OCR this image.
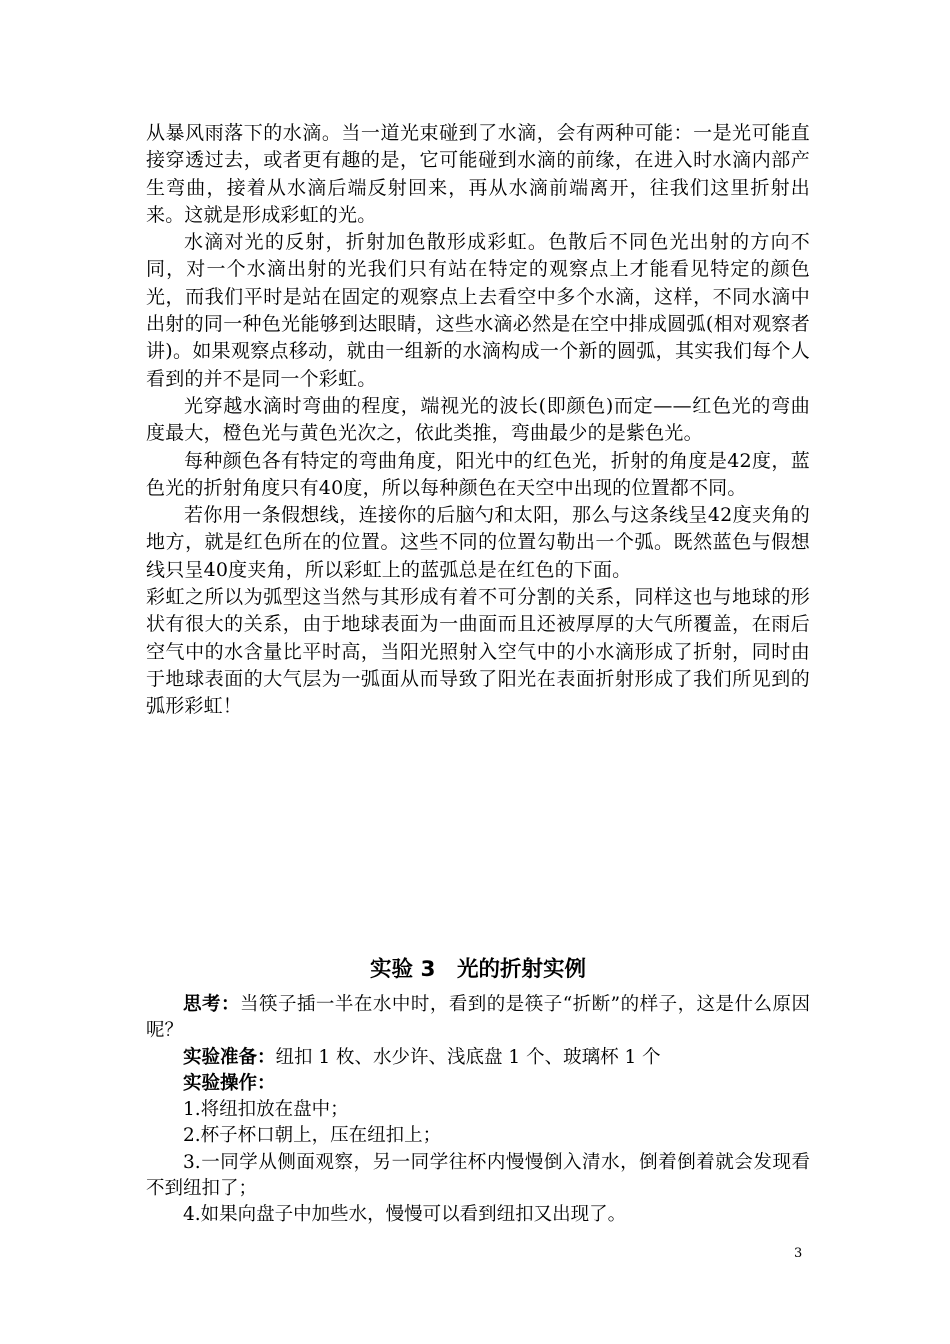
从暴风雨落下的水滴。当一道光束碰到了水滴，会有两种可能：一是光可能直接穿透过去，或者更有趣的是，它可能碰到水滴的前缘，在进入时水滴内部产生弯曲，接着从水滴后端反射回来，再从水滴前端离开，往我们这里折射出来。这就是形成彩虹的光。

水滴对光的反射，折射加色散形成彩虹。色散后不同色光出射的方向不同，对一个水滴出射的光我们只有站在特定的观察点上才能看见特定的颜色光，而我们平时是站在固定的观察点上去看空中多个水滴，这样，不同水滴中出射的同一种色光能够到达眼睛，这些水滴必然是在空中排成圆弧(相对观察者讲)。如果观察点移动，就由一组新的水滴构成一个新的圆弧，其实我们每个人看到的并不是同一个彩虹。

光穿越水滴时弯曲的程度，端视光的波长(即颜色)而定——红色光的弯曲度最大，橙色光与黄色光次之，依此类推，弯曲最少的是紫色光。

每种颜色各有特定的弯曲角度，阳光中的红色光，折射的角度是42度，蓝色光的折射角度只有40度，所以每种颜色在天空中出现的位置都不同。

若你用一条假想线，连接你的后脑勺和太阳，那么与这条线呈42度夹角的地方，就是红色所在的位置。这些不同的位置勾勒出一个弧。既然蓝色与假想线只呈40度夹角，所以彩虹上的蓝弧总是在红色的下面。

彩虹之所以为弧型这当然与其形成有着不可分割的关系，同样这也与地球的形状有很大的关系，由于地球表面为一曲面而且还被厚厚的大气所覆盖，在雨后空气中的水含量比平时高，当阳光照射入空气中的小水滴形成了折射，同时由于地球表面的大气层为一弧面从而导致了阳光在表面折射形成了我们所见到的弧形彩虹！

实验 3　光的折射实例

思考：当筷子插一半在水中时，看到的是筷子“折断”的样子，这是什么原因呢？

实验准备：纽扣 1 枚、水少许、浅底盘 1 个、玻璃杯 1 个

实验操作：

1.将纽扣放在盘中；

2.杯子杯口朝上，压在纽扣上；

3.一同学从侧面观察，另一同学往杯内慢慢倒入清水，倒着倒着就会发现看不到纽扣了；

4.如果向盘子中加些水，慢慢可以看到纽扣又出现了。

3
